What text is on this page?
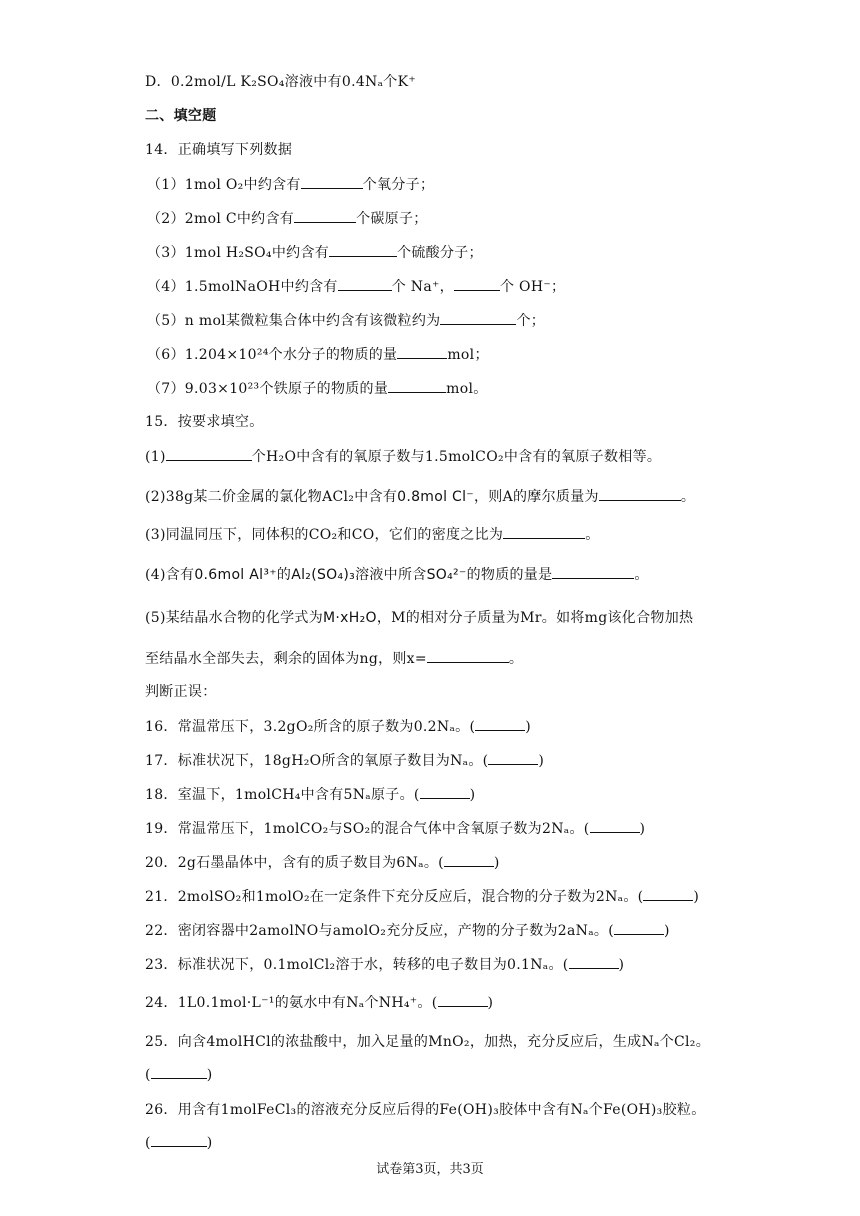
D．0.2mol/L K₂SO₄溶液中有0.4Nₐ个K⁺
二、填空题
14．正确填写下列数据
（1）1mol O₂中约含有	个氧分子；
（2）2mol C中约含有	个碳原子；
（3）1mol H₂SO₄中约含有	个硫酸分子；
（4）1.5molNaOH中约含有	个 Na⁺，	个 OH⁻；
（5）n mol某微粒集合体中约含有该微粒约为	个；
（6）1.204×10²⁴个水分子的物质的量	mol；
（7）9.03×10²³个铁原子的物质的量	mol。
15．按要求填空。
(1)	个H₂O中含有的氧原子数与1.5molCO₂中含有的氧原子数相等。
(2)38g某二价金属的氯化物ACl₂中含有0.8mol Cl⁻，则A的摩尔质量为	。
(3)同温同压下，同体积的CO₂和CO，它们的密度之比为	。
(4)含有0.6mol Al³⁺的Al₂(SO₄)₃溶液中所含SO₄²⁻的物质的量是	。
(5)某结晶水合物的化学式为M·xH₂O，M的相对分子质量为Mr。如将mg该化合物加热
至结晶水全部失去，剩余的固体为ng，则x=	。
判断正误：
16．常温常压下，3.2gO₂所含的原子数为0.2Nₐ。(	)
17．标准状况下，18gH₂O所含的氧原子数目为Nₐ。(	)
18．室温下，1molCH₄中含有5Nₐ原子。(	)
19．常温常压下，1molCO₂与SO₂的混合气体中含氧原子数为2Nₐ。(	)
20．2g石墨晶体中，含有的质子数目为6Nₐ。(	)
21．2molSO₂和1molO₂在一定条件下充分反应后，混合物的分子数为2Nₐ。(	)
22．密闭容器中2amolNO与amolO₂充分反应，产物的分子数为2aNₐ。(	)
23．标准状况下，0.1molCl₂溶于水，转移的电子数目为0.1Nₐ。(	)
24．1L0.1mol·L⁻¹的氨水中有Nₐ个NH₄⁺。(	)
25．向含4molHCl的浓盐酸中，加入足量的MnO₂，加热，充分反应后，生成Nₐ个Cl₂。
(	)
26．用含有1molFeCl₃的溶液充分反应后得的Fe(OH)₃胶体中含有Nₐ个Fe(OH)₃胶粒。
(	)
试卷第3页，共3页
